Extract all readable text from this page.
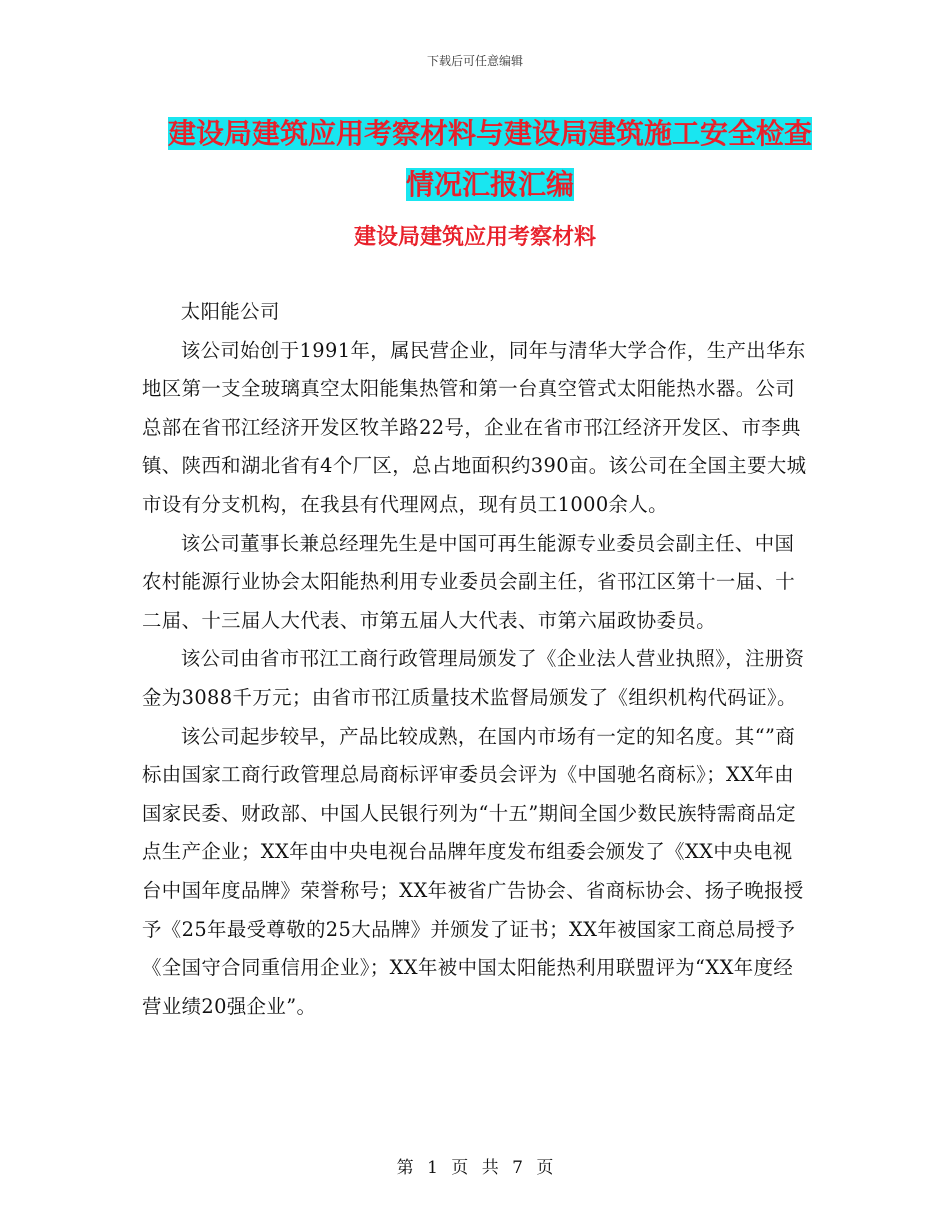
下载后可任意编辑
建设局建筑应用考察材料与建设局建筑施工安全检查
情况汇报汇编
建设局建筑应用考察材料

太阳能公司

该公司始创于1991年，属民营企业，同年与清华大学合作，生产出华东地区第一支全玻璃真空太阳能集热管和第一台真空管式太阳能热水器。公司总部在省邗江经济开发区牧羊路22号，企业在省市邗江经济开发区、市李典镇、陕西和湖北省有4个厂区，总占地面积约390亩。该公司在全国主要大城市设有分支机构，在我县有代理网点，现有员工1000余人。

该公司董事长兼总经理先生是中国可再生能源专业委员会副主任、中国农村能源行业协会太阳能热利用专业委员会副主任，省邗江区第十一届、十二届、十三届人大代表、市第五届人大代表、市第六届政协委员。

该公司由省市邗江工商行政管理局颁发了《企业法人营业执照》，注册资金为3088千万元；由省市邗江质量技术监督局颁发了《组织机构代码证》。

该公司起步较早，产品比较成熟，在国内市场有一定的知名度。其“”商标由国家工商行政管理总局商标评审委员会评为《中国驰名商标》；XX年由国家民委、财政部、中国人民银行列为“十五”期间全国少数民族特需商品定点生产企业；XX年由中央电视台品牌年度发布组委会颁发了《XX中央电视台中国年度品牌》荣誉称号；XX年被省广告协会、省商标协会、扬子晚报授予《25年最受尊敬的25大品牌》并颁发了证书；XX年被国家工商总局授予《全国守合同重信用企业》；XX年被中国太阳能热利用联盟评为“XX年度经营业绩20强企业”。

第 1 页 共 7 页
